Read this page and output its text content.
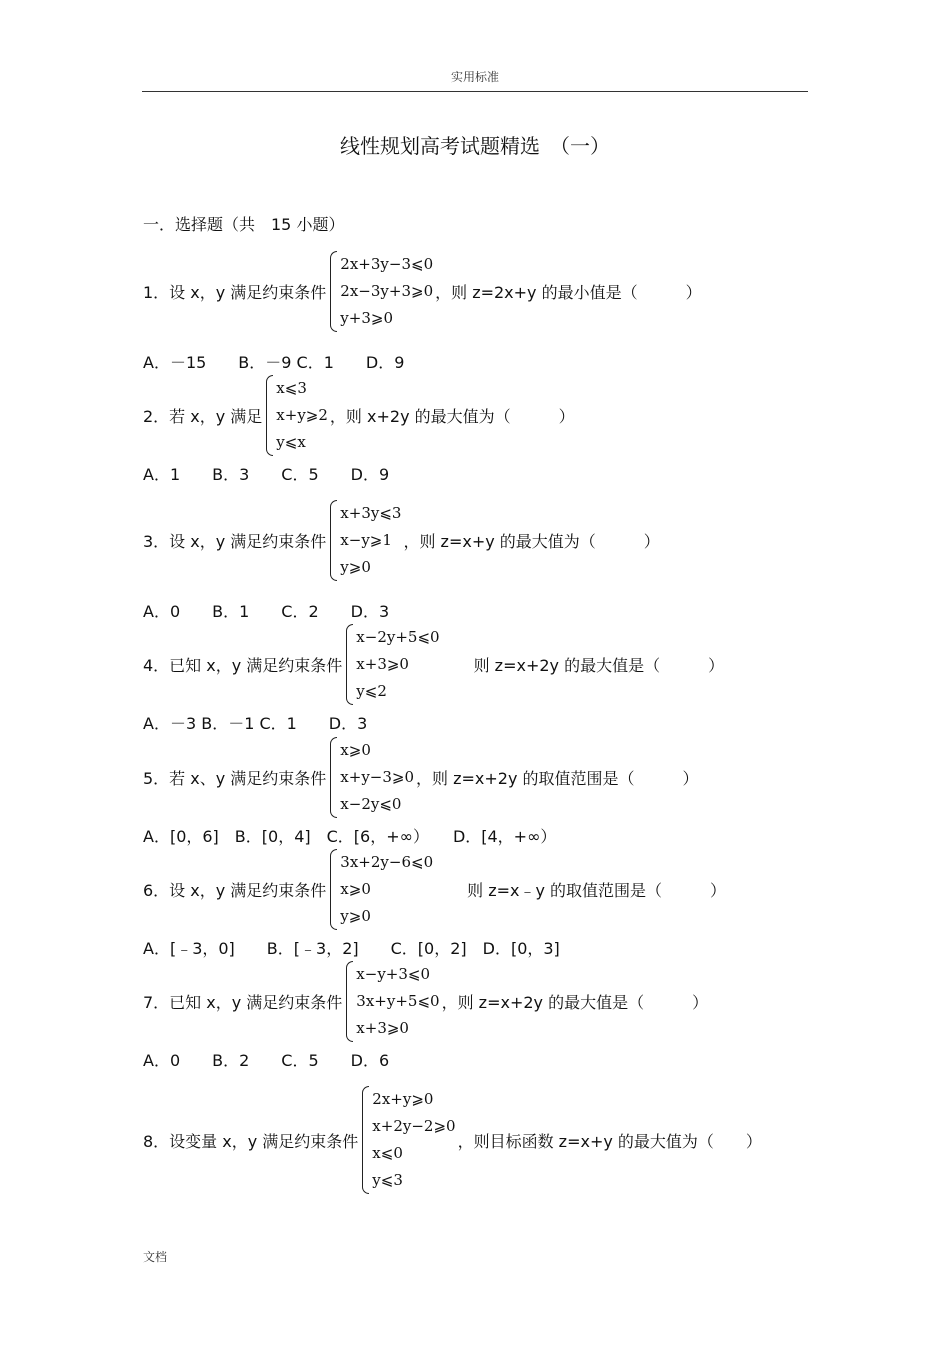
实用标准
线性规划高考试题精选　（一）
一．选择题（共　15 小题）
1．设 x，y 满足约束条件
2x+3y−3⩽0
2x−3y+3⩾0
y+3⩾0
，则 z=2x+y 的最小值是（　　　）
A．－15　　B．－9 C．1　　D．9
2．若 x，y 满足
x⩽3
x+y⩾2
y⩽x
，则 x+2y 的最大值为（　　　）
A．1　　B．3　　C．5　　D．9
3．设 x，y 满足约束条件
x+3y⩽3
x−y⩾1
y⩾0
，则 z=x+y 的最大值为（　　　）
A．0　　B．1　　C．2　　D．3
4．已知 x，y 满足约束条件
x−2y+5⩽0
x+3⩾0
y⩽2
　　则 z=x+2y 的最大值是（　　　）
A．－3 B．－1 C．1　　D．3
5．若 x、y 满足约束条件
x⩾0
x+y−3⩾0
x−2y⩽0
，则 z=x+2y 的取值范围是（　　　）
A．[0，6]　B．[0，4]　C．[6，+∞）　　D．[4，+∞）
6．设 x，y 满足约束条件
3x+2y−6⩽0
x⩾0
y⩾0
　　则 z=x﹣y 的取值范围是（　　　）
A．[﹣3，0]　　B．[﹣3，2]　　C．[0，2]　D．[0，3]
7．已知 x，y 满足约束条件
x−y+3⩽0
3x+y+5⩽0
x+3⩾0
，则 z=x+2y 的最大值是（　　　）
A．0　　B．2　　C．5　　D．6
8．设变量 x，y 满足约束条件
2x+y⩾0
x+2y−2⩾0
x⩽0
y⩽3
，则目标函数 z=x+y 的最大值为（　　）
文档
